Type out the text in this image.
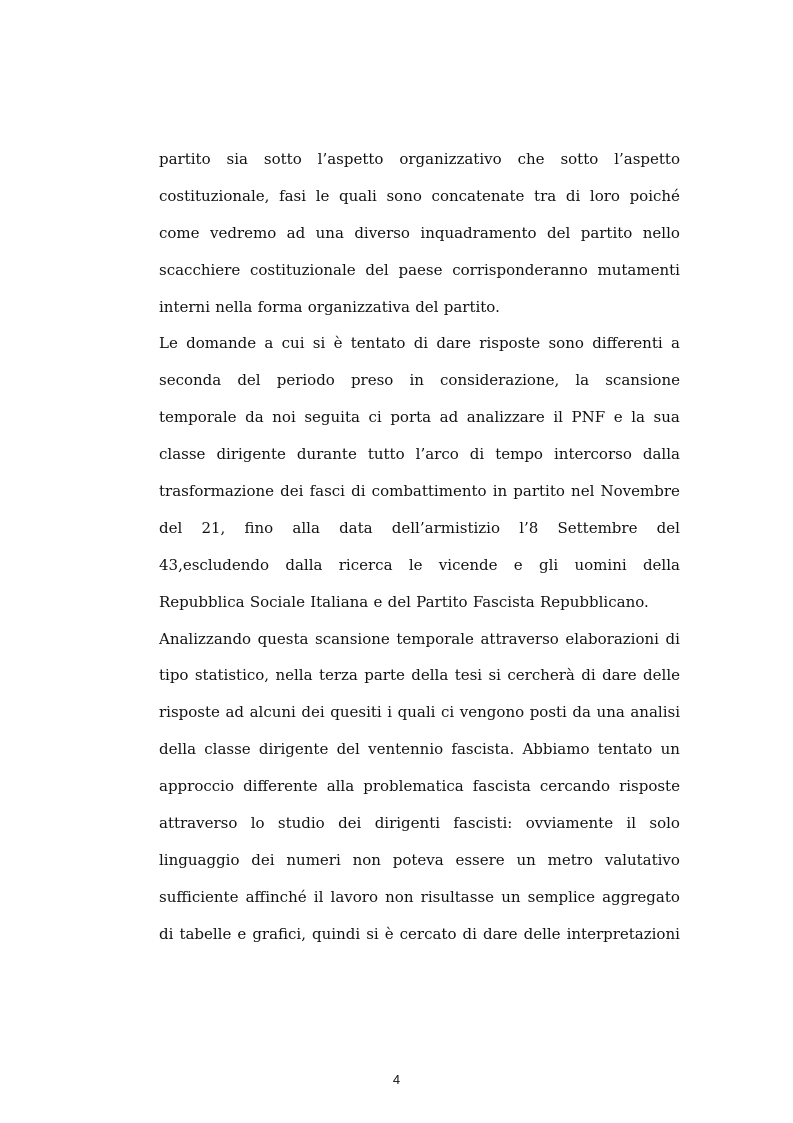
partito sia sotto l’aspetto organizzativo che sotto l’aspetto
costituzionale, fasi le quali sono concatenate tra di loro poiché
come vedremo ad una diverso inquadramento del partito nello
scacchiere costituzionale del paese corrisponderanno mutamenti
interni nella forma organizzativa del partito.
Le domande a cui si è tentato di dare risposte sono differenti a
seconda del periodo preso in considerazione, la scansione
temporale da noi seguita ci porta ad analizzare il PNF e la sua
classe dirigente durante tutto l’arco di tempo intercorso dalla
trasformazione dei fasci di combattimento in partito nel Novembre
del 21, fino alla data dell’armistizio l’8 Settembre del
43,escludendo dalla ricerca le vicende e gli uomini della
Repubblica Sociale Italiana e del Partito Fascista Repubblicano.
Analizzando questa scansione temporale attraverso elaborazioni di
tipo statistico, nella terza parte della tesi si cercherà di dare delle
risposte ad alcuni dei quesiti i quali ci vengono posti da una analisi
della classe dirigente del ventennio fascista. Abbiamo tentato un
approccio differente alla problematica fascista cercando risposte
attraverso lo studio dei dirigenti fascisti: ovviamente il solo
linguaggio dei numeri non poteva essere un metro valutativo
sufficiente affinché il lavoro non risultasse un semplice aggregato
di tabelle e grafici, quindi si è cercato di dare delle interpretazioni
4
